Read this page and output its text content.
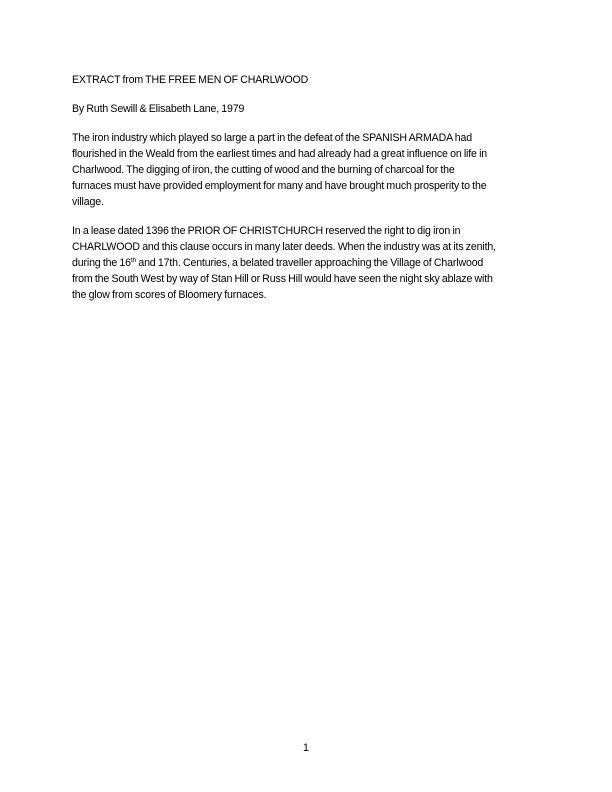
EXTRACT from THE FREE MEN OF CHARLWOOD

By Ruth Sewill & Elisabeth Lane, 1979

The iron industry which played so large a part in the defeat of the SPANISH ARMADA had
flourished in the Weald from the earliest times and had already had a great influence on life in
Charlwood. The digging of iron, the cutting of wood and the burning of charcoal for the
furnaces must have provided employment for many and have brought much prosperity to the
village.

In a lease dated 1396 the PRIOR OF CHRISTCHURCH reserved the right to dig iron in
CHARLWOOD and this clause occurs in many later deeds. When the industry was at its zenith,
during the 16th and 17th. Centuries, a belated traveller approaching the Village of Charlwood
from the South West by way of Stan Hill or Russ Hill would have seen the night sky ablaze with
the glow from scores of Bloomery furnaces.

1
